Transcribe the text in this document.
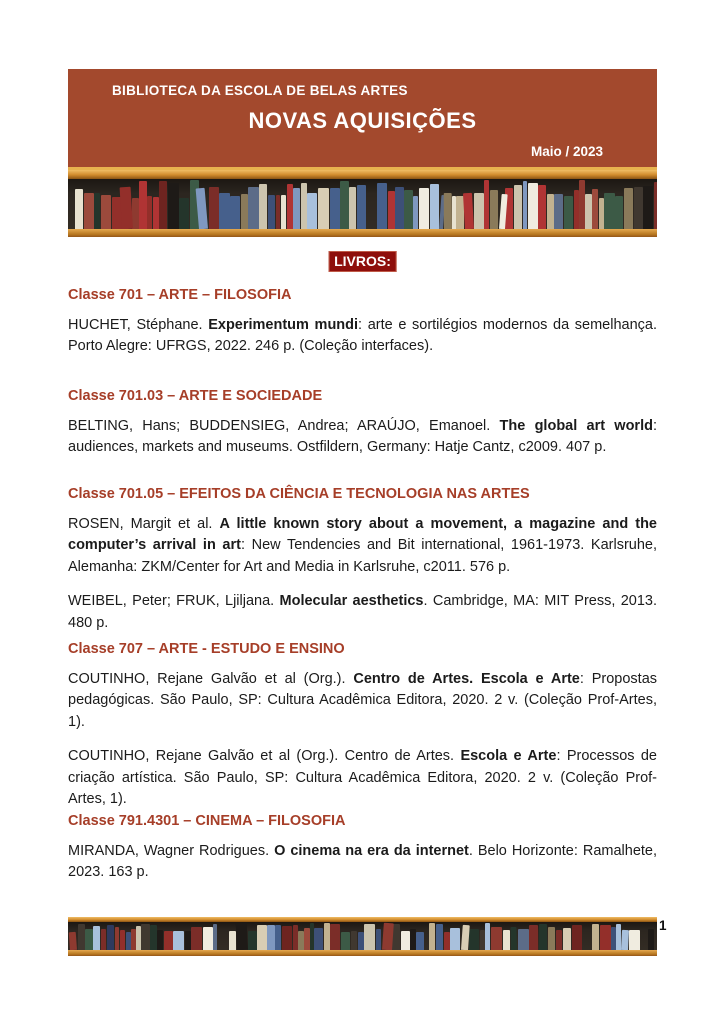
BIBLIOTECA DA ESCOLA DE BELAS ARTES
NOVAS AQUISIÇÕES
Maio / 2023
LIVROS:
Classe 701 – ARTE – FILOSOFIA

HUCHET, Stéphane. Experimentum mundi: arte e sortilégios modernos da semelhança. Porto Alegre: UFRGS, 2022. 246 p. (Coleção interfaces).

Classe 701.03 – ARTE E SOCIEDADE

BELTING, Hans; BUDDENSIEG, Andrea; ARAÚJO, Emanoel. The global art world: audiences, markets and museums. Ostfildern, Germany: Hatje Cantz, c2009. 407 p.

Classe 701.05 – EFEITOS DA CIÊNCIA E TECNOLOGIA NAS ARTES

ROSEN, Margit et al. A little known story about a movement, a magazine and the computer’s arrival in art: New Tendencies and Bit international, 1961-1973. Karlsruhe, Alemanha: ZKM/Center for Art and Media in Karlsruhe, c2011. 576 p.

WEIBEL, Peter; FRUK, Ljiljana. Molecular aesthetics. Cambridge, MA: MIT Press, 2013. 480 p.

Classe 707 – ARTE - ESTUDO E ENSINO

COUTINHO, Rejane Galvão et al (Org.). Centro de Artes. Escola e Arte: Propostas pedagógicas. São Paulo, SP: Cultura Acadêmica Editora, 2020. 2 v. (Coleção Prof-Artes, 1).

COUTINHO, Rejane Galvão et al (Org.). Centro de Artes. Escola e Arte: Processos de criação artística. São Paulo, SP: Cultura Acadêmica Editora, 2020. 2 v. (Coleção Prof-Artes, 1).

Classe 791.4301 – CINEMA – FILOSOFIA

MIRANDA, Wagner Rodrigues. O cinema na era da internet. Belo Horizonte: Ramalhete, 2023. 163 p.

1
